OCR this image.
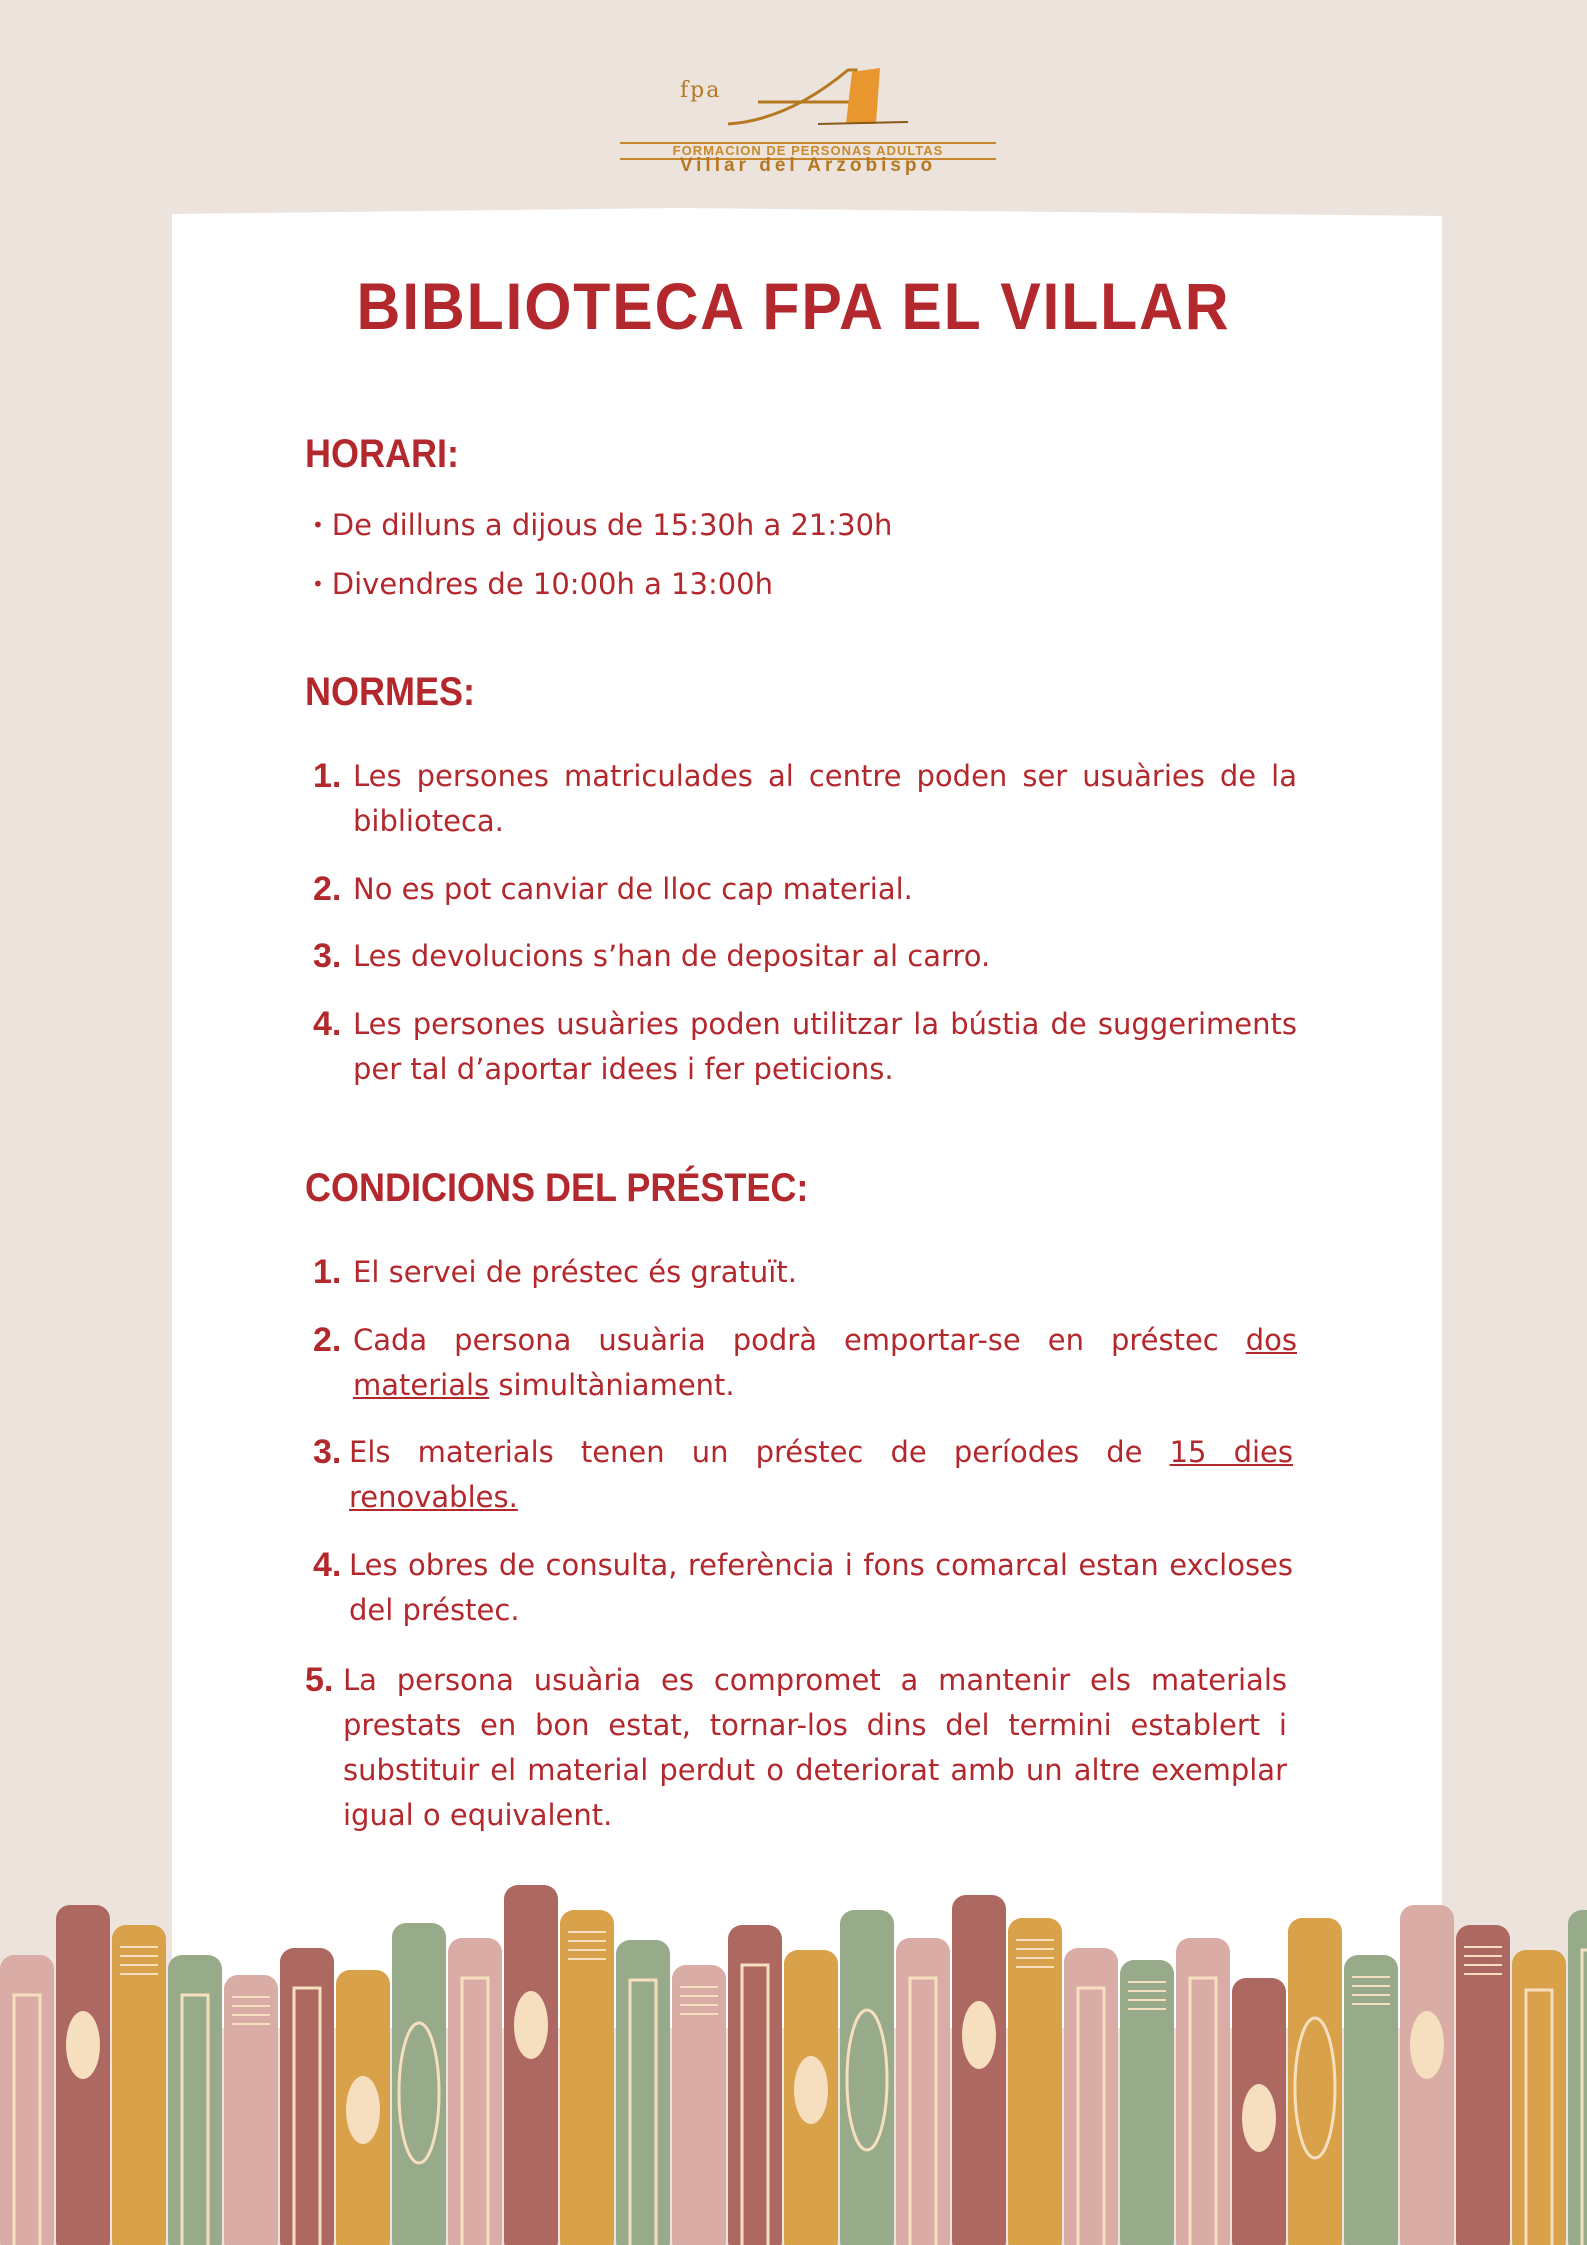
fpa
FORMACION DE PERSONAS ADULTAS
Villar del Arzobispo
BIBLIOTECA FPA EL VILLAR
HORARI:
• De dilluns a dijous de 15:30h a 21:30h
• Divendres de 10:00h a 13:00h
NORMES:
1. Les persones matriculades al centre poden ser usuàries de la biblioteca.
2. No es pot canviar de lloc cap material.
3. Les devolucions s’han de depositar al carro.
4. Les persones usuàries poden utilitzar la bústia de suggeriments per tal d’aportar idees i fer peticions.
CONDICIONS DEL PRÉSTEC:
1. El servei de préstec és gratuït.
2. Cada persona usuària podrà emportar-se en préstec dos materials simultàniament.
3. Els materials tenen un préstec de períodes de 15 dies renovables.
4. Les obres de consulta, referència i fons comarcal estan excloses del préstec.
5. La persona usuària es compromet a mantenir els materials prestats en bon estat, tornar-los dins del termini establert i substituir el material perdut o deteriorat amb un altre exemplar igual o equivalent.
